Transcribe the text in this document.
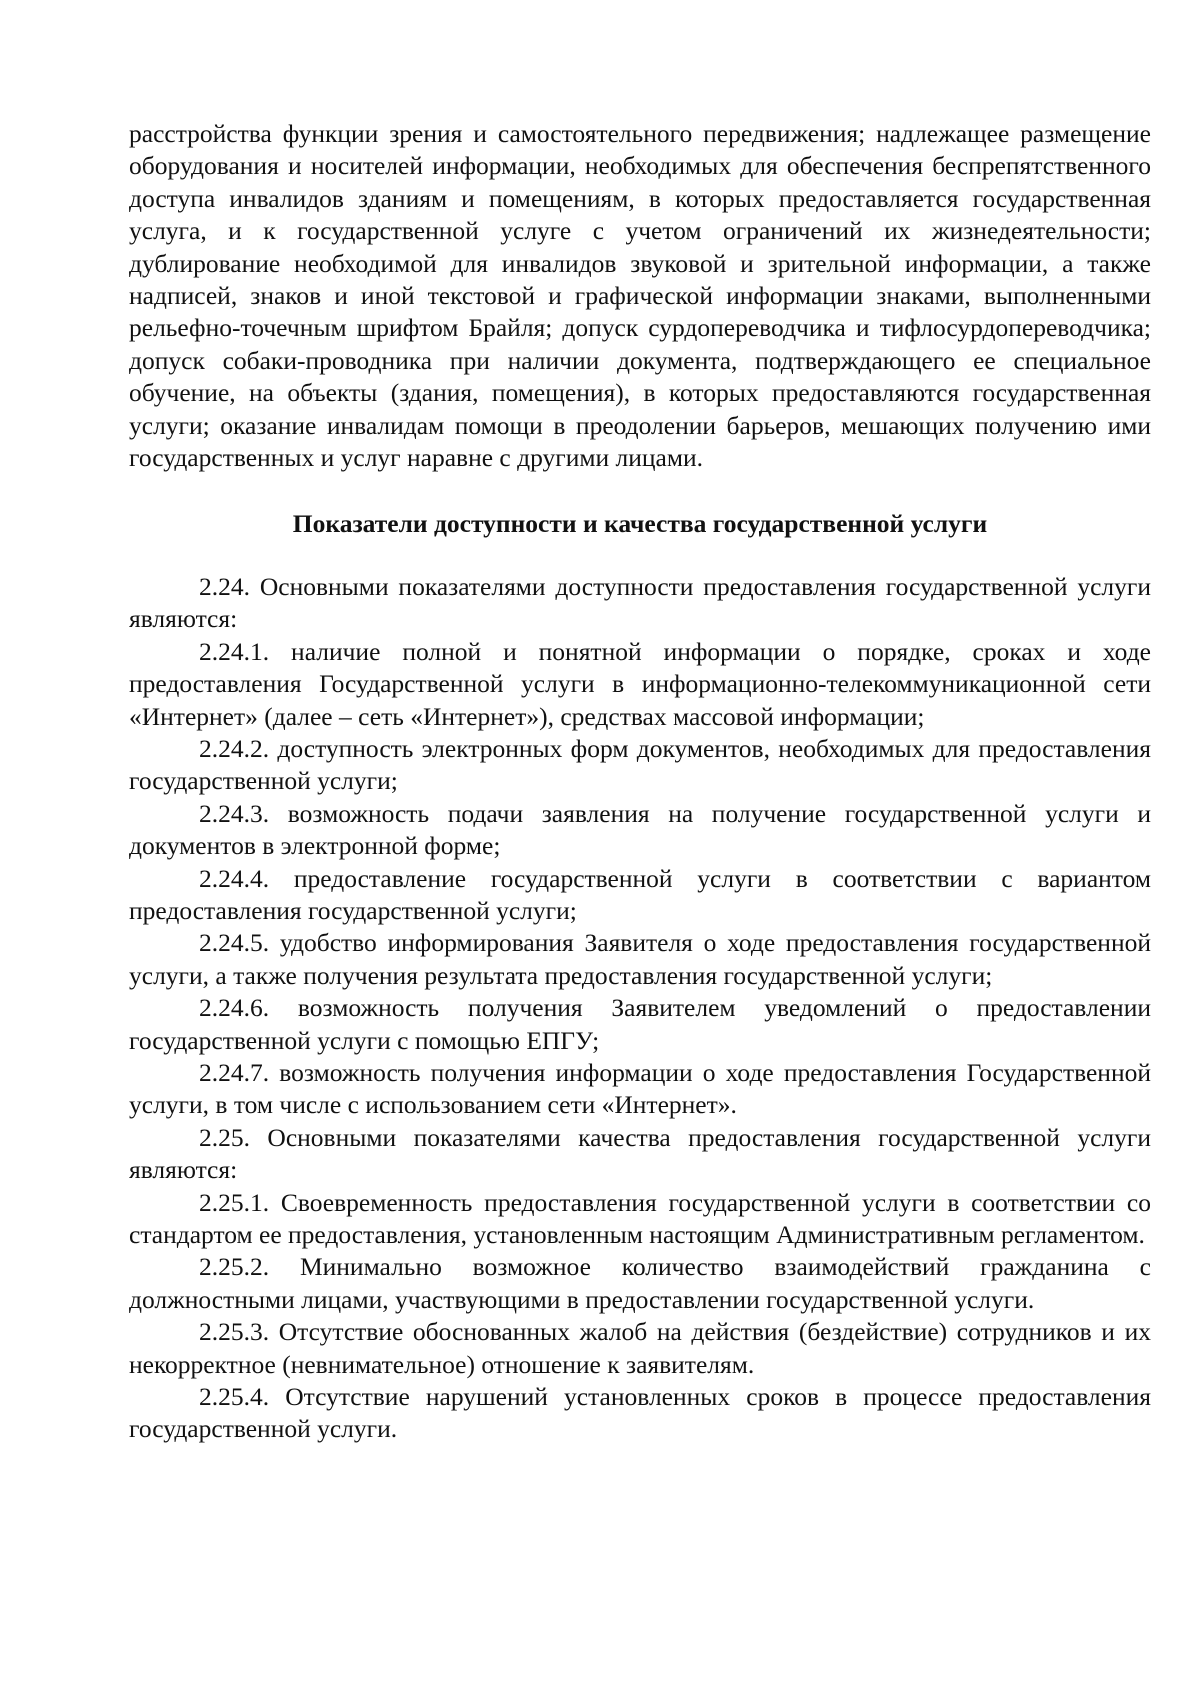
расстройства функции зрения и самостоятельного передвижения; надлежащее размещение оборудования и носителей информации, необходимых для обеспечения беспрепятственного доступа инвалидов зданиям и помещениям, в которых предоставляется государственная услуга, и к государственной услуге с учетом ограничений их жизнедеятельности; дублирование необходимой для инвалидов звуковой и зрительной информации, а также надписей, знаков и иной текстовой и графической информации знаками, выполненными рельефно-точечным шрифтом Брайля; допуск сурдопереводчика и тифлосурдопереводчика; допуск собаки-проводника при наличии документа, подтверждающего ее специальное обучение, на объекты (здания, помещения), в которых предоставляются государственная услуги; оказание инвалидам помощи в преодолении барьеров, мешающих получению ими государственных и услуг наравне с другими лицами.

Показатели доступности и качества государственной услуги

2.24. Основными показателями доступности предоставления государственной услуги являются:

2.24.1. наличие полной и понятной информации о порядке, сроках и ходе предоставления Государственной услуги в информационно-телекоммуникационной сети «Интернет» (далее – сеть «Интернет»), средствах массовой информации;

2.24.2. доступность электронных форм документов, необходимых для предоставления государственной услуги;

2.24.3. возможность подачи заявления на получение государственной услуги и документов в электронной форме;

2.24.4. предоставление государственной услуги в соответствии с вариантом предоставления государственной услуги;

2.24.5. удобство информирования Заявителя о ходе предоставления государственной услуги, а также получения результата предоставления государственной услуги;

2.24.6. возможность получения Заявителем уведомлений о предоставлении государственной услуги с помощью ЕПГУ;

2.24.7. возможность получения информации о ходе предоставления Государственной услуги, в том числе с использованием сети «Интернет».

2.25. Основными показателями качества предоставления государственной услуги являются:

2.25.1. Своевременность предоставления государственной услуги в соответствии со стандартом ее предоставления, установленным настоящим Административным регламентом.

2.25.2. Минимально возможное количество взаимодействий гражданина с должностными лицами, участвующими в предоставлении государственной услуги.

2.25.3. Отсутствие обоснованных жалоб на действия (бездействие) сотрудников и их некорректное (невнимательное) отношение к заявителям.

2.25.4. Отсутствие нарушений установленных сроков в процессе предоставления государственной услуги.
